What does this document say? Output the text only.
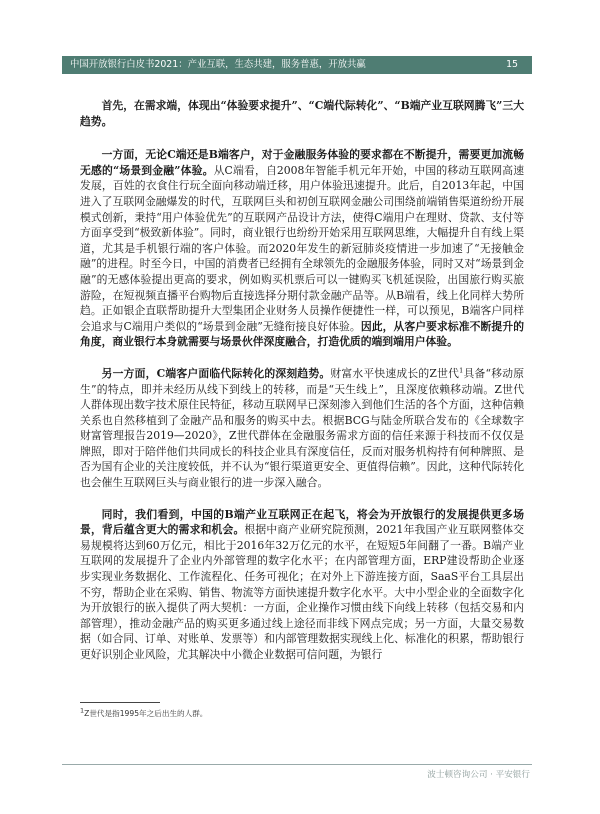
中国开放银行白皮书2021：产业互联，生态共建，服务普惠，开放共赢	15

首先，在需求端，体现出“体验要求提升”、“C端代际转化”、“B端产业互联网腾飞”三大趋势。

一方面，无论C端还是B端客户，对于金融服务体验的要求都在不断提升，需要更加流畅无感的“场景到金融”体验。从C端看，自2008年智能手机元年开始，中国的移动互联网高速发展，百姓的衣食住行玩全面向移动端迁移，用户体验迅速提升。此后，自2013年起，中国进入了互联网金融爆发的时代，互联网巨头和初创互联网金融公司围绕前端销售渠道纷纷开展模式创新，秉持“用户体验优先”的互联网产品设计方法，使得C端用户在理财、贷款、支付等方面享受到“极致新体验”。同时，商业银行也纷纷开始采用互联网思维，大幅提升自有线上渠道，尤其是手机银行端的客户体验。而2020年发生的新冠肺炎疫情进一步加速了“无接触金融”的进程。时至今日，中国的消费者已经拥有全球领先的金融服务体验，同时又对“场景到金融”的无感体验提出更高的要求，例如购买机票后可以一键购买飞机延误险，出国旅行购买旅游险，在短视频直播平台购物后直接选择分期付款金融产品等。从B端看，线上化同样大势所趋。正如银企直联帮助提升大型集团企业财务人员操作便捷性一样，可以预见，B端客户同样会追求与C端用户类似的“场景到金融”无缝衔接良好体验。因此，从客户要求标准不断提升的角度，商业银行本身就需要与场景伙伴深度融合，打造优质的端到端用户体验。

另一方面，C端客户面临代际转化的深刻趋势。财富水平快速成长的Z世代$^1$具备“移动原生”的特点，即并未经历从线下到线上的转移，而是“天生线上”，且深度依赖移动端。Z世代人群体现出数字技术原住民特征，移动互联网早已深刻渗入到他们生活的各个方面，这种信赖关系也自然移植到了金融产品和服务的购买中去。根据BCG与陆金所联合发布的《全球数字财富管理报告2019—2020》，Z世代群体在金融服务需求方面的信任来源于科技而不仅仅是牌照，即对于陪伴他们共同成长的科技企业具有深度信任，反而对服务机构持有何种牌照、是否为国有企业的关注度较低，并不认为“银行渠道更安全、更值得信赖”。因此，这种代际转化也会催生互联网巨头与商业银行的进一步深入融合。

同时，我们看到，中国的B端产业互联网正在起飞，将会为开放银行的发展提供更多场景，背后蕴含更大的需求和机会。根据中商产业研究院预测，2021年我国产业互联网整体交易规模将达到60万亿元，相比于2016年32万亿元的水平，在短短5年间翻了一番。B端产业互联网的发展提升了企业内外部管理的数字化水平；在内部管理方面，ERP建设帮助企业逐步实现业务数据化、工作流程化、任务可视化；在对外上下游连接方面，SaaS平台工具层出不穷，帮助企业在采购、销售、物流等方面快速提升数字化水平。大中小型企业的全面数字化为开放银行的嵌入提供了两大契机：一方面，企业操作习惯由线下向线上转移（包括交易和内部管理），推动金融产品的购买更多通过线上途径而非线下网点完成；另一方面，大量交易数据（如合同、订单、对账单、发票等）和内部管理数据实现线上化、标准化的积累，帮助银行更好识别企业风险，尤其解决中小微企业数据可信问题，为银行

$^1$Z世代是指1995年之后出生的人群。
波士顿咨询公司 · 平安银行
